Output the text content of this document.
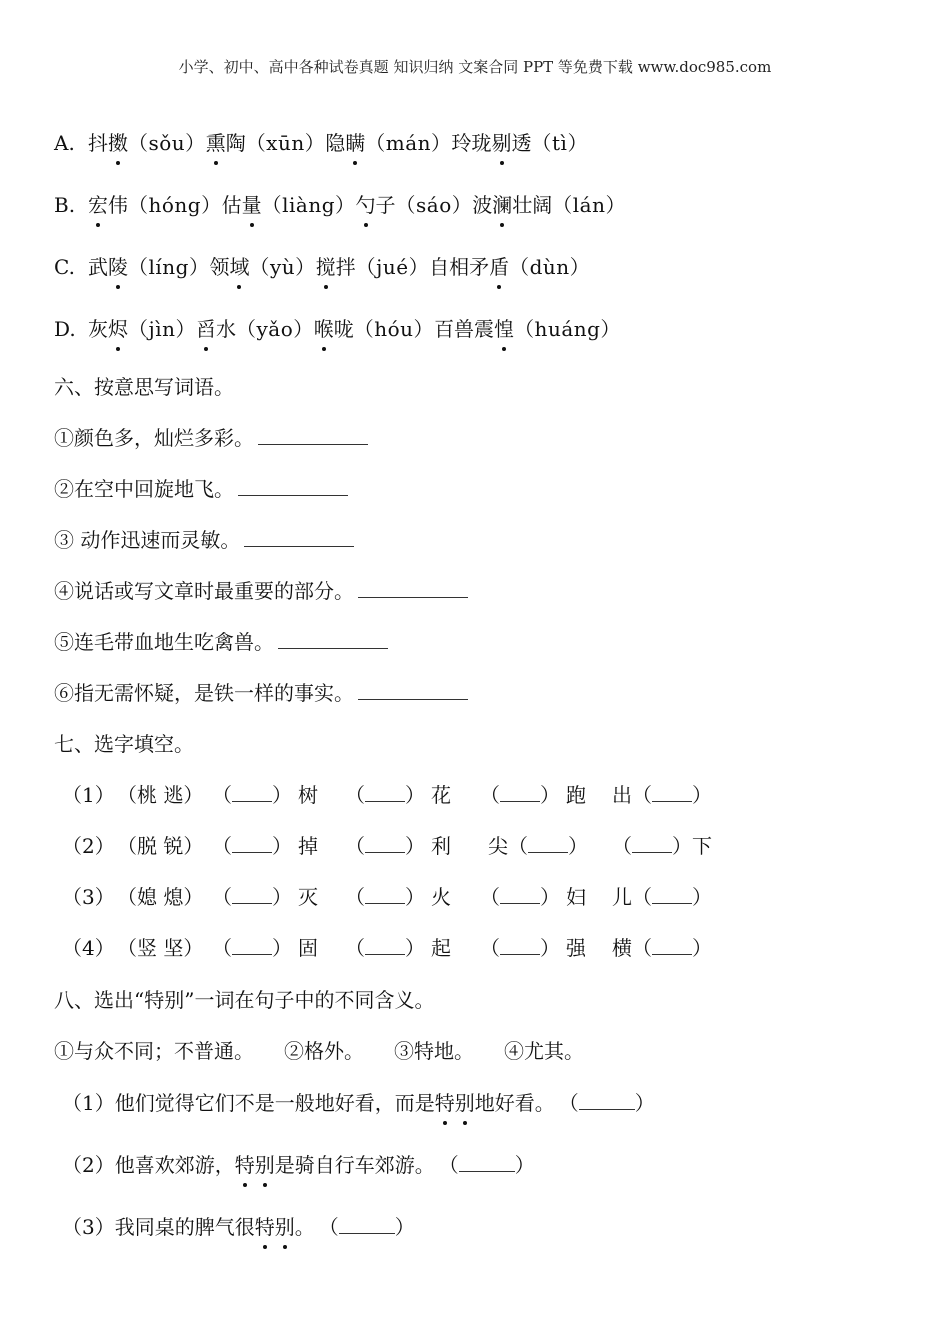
小学、初中、高中各种试卷真题 知识归纳 文案合同 PPT 等免费下载 www.doc985.com
A. 抖擞（sǒu）熏陶（xūn）隐瞒（mán）玲珑剔透（tì）
B. 宏伟（hóng）估量（liàng）勺子（sáo）波澜壮阔（lán）
C. 武陵（líng）领域（yù）搅拌（jué）自相矛盾（dùn）
D. 灰烬（jìn）舀水（yǎo）喉咙（hóu）百兽震惶（huáng）
六、按意思写词语。
①颜色多，灿烂多彩。
②在空中回旋地飞。
③ 动作迅速而灵敏。
④说话或写文章时最重要的部分。
⑤连毛带血地生吃禽兽。
⑥指无需怀疑，是铁一样的事实。
七、选字填空。
（1） （桃 逃） （ ） 树 （ ） 花 （ ） 跑 出（ ）
（2） （脱 锐） （ ） 掉 （ ） 利 尖（ ） （ ）下
（3） （媳 熄） （ ） 灭 （ ） 火 （ ） 妇 儿（ ）
（4） （竖 坚） （ ） 固 （ ） 起 （ ） 强 横（ ）
八、选出“特别”一词在句子中的不同含义。
①与众不同；不普通。 ②格外。 ③特地。 ④尤其。
（1）他们觉得它们不是一般地好看，而是特别地好看。 （	）
（2）他喜欢郊游，特别是骑自行车郊游。 （	）
（3）我同桌的脾气很特别。 （	）
